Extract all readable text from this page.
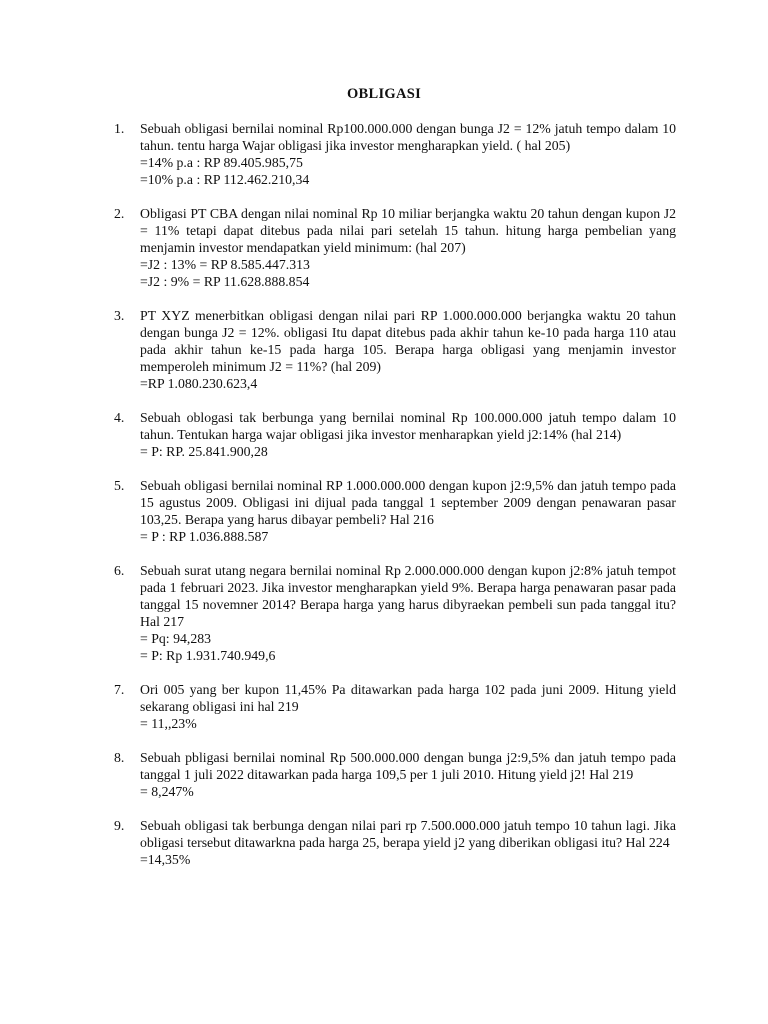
OBLIGASI
1. Sebuah obligasi bernilai nominal Rp100.000.000 dengan bunga J2 = 12% jatuh tempo dalam 10 tahun. tentu harga Wajar obligasi jika investor mengharapkan yield. ( hal 205)
=14% p.a : RP 89.405.985,75
=10% p.a : RP 112.462.210,34
2. Obligasi PT CBA dengan nilai nominal Rp 10 miliar berjangka waktu 20 tahun dengan kupon J2 = 11% tetapi dapat ditebus pada nilai pari setelah 15 tahun. hitung harga pembelian yang menjamin investor mendapatkan yield minimum: (hal 207)
=J2 : 13% = RP 8.585.447.313
=J2 : 9% = RP 11.628.888.854
3. PT XYZ menerbitkan obligasi dengan nilai pari RP 1.000.000.000 berjangka waktu 20 tahun dengan bunga J2 = 12%. obligasi Itu dapat ditebus pada akhir tahun ke-10 pada harga 110 atau pada akhir tahun ke-15 pada harga 105. Berapa harga obligasi yang menjamin investor memperoleh minimum J2 = 11%? (hal 209)
=RP 1.080.230.623,4
4. Sebuah oblogasi tak berbunga yang bernilai nominal Rp 100.000.000 jatuh tempo dalam 10 tahun. Tentukan harga wajar obligasi jika investor menharapkan yield j2:14% (hal 214)
= P: RP. 25.841.900,28
5. Sebuah obligasi bernilai nominal RP 1.000.000.000 dengan kupon j2:9,5% dan jatuh tempo pada 15 agustus 2009. Obligasi ini dijual pada tanggal 1 september 2009 dengan penawaran pasar 103,25. Berapa yang harus dibayar pembeli? Hal 216
= P : RP 1.036.888.587
6. Sebuah surat utang negara bernilai nominal Rp 2.000.000.000 dengan kupon j2:8% jatuh tempot pada 1 februari 2023. Jika investor mengharapkan yield 9%. Berapa harga penawaran pasar pada tanggal 15 novemner 2014? Berapa harga yang harus dibyraekan pembeli sun pada tanggal itu? Hal 217
= Pq: 94,283
= P: Rp 1.931.740.949,6
7. Ori 005 yang ber kupon 11,45% Pa ditawarkan pada harga 102 pada juni 2009. Hitung yield sekarang obligasi ini hal 219
= 11,,23%
8. Sebuah pbligasi bernilai nominal Rp 500.000.000 dengan bunga j2:9,5% dan jatuh tempo pada tanggal 1 juli 2022 ditawarkan pada harga 109,5 per 1 juli 2010. Hitung yield j2! Hal 219
= 8,247%
9. Sebuah obligasi tak berbunga dengan nilai pari rp 7.500.000.000 jatuh tempo 10 tahun lagi. Jika obligasi tersebut ditawarkna pada harga 25, berapa yield j2 yang diberikan obligasi itu? Hal 224
=14,35%
